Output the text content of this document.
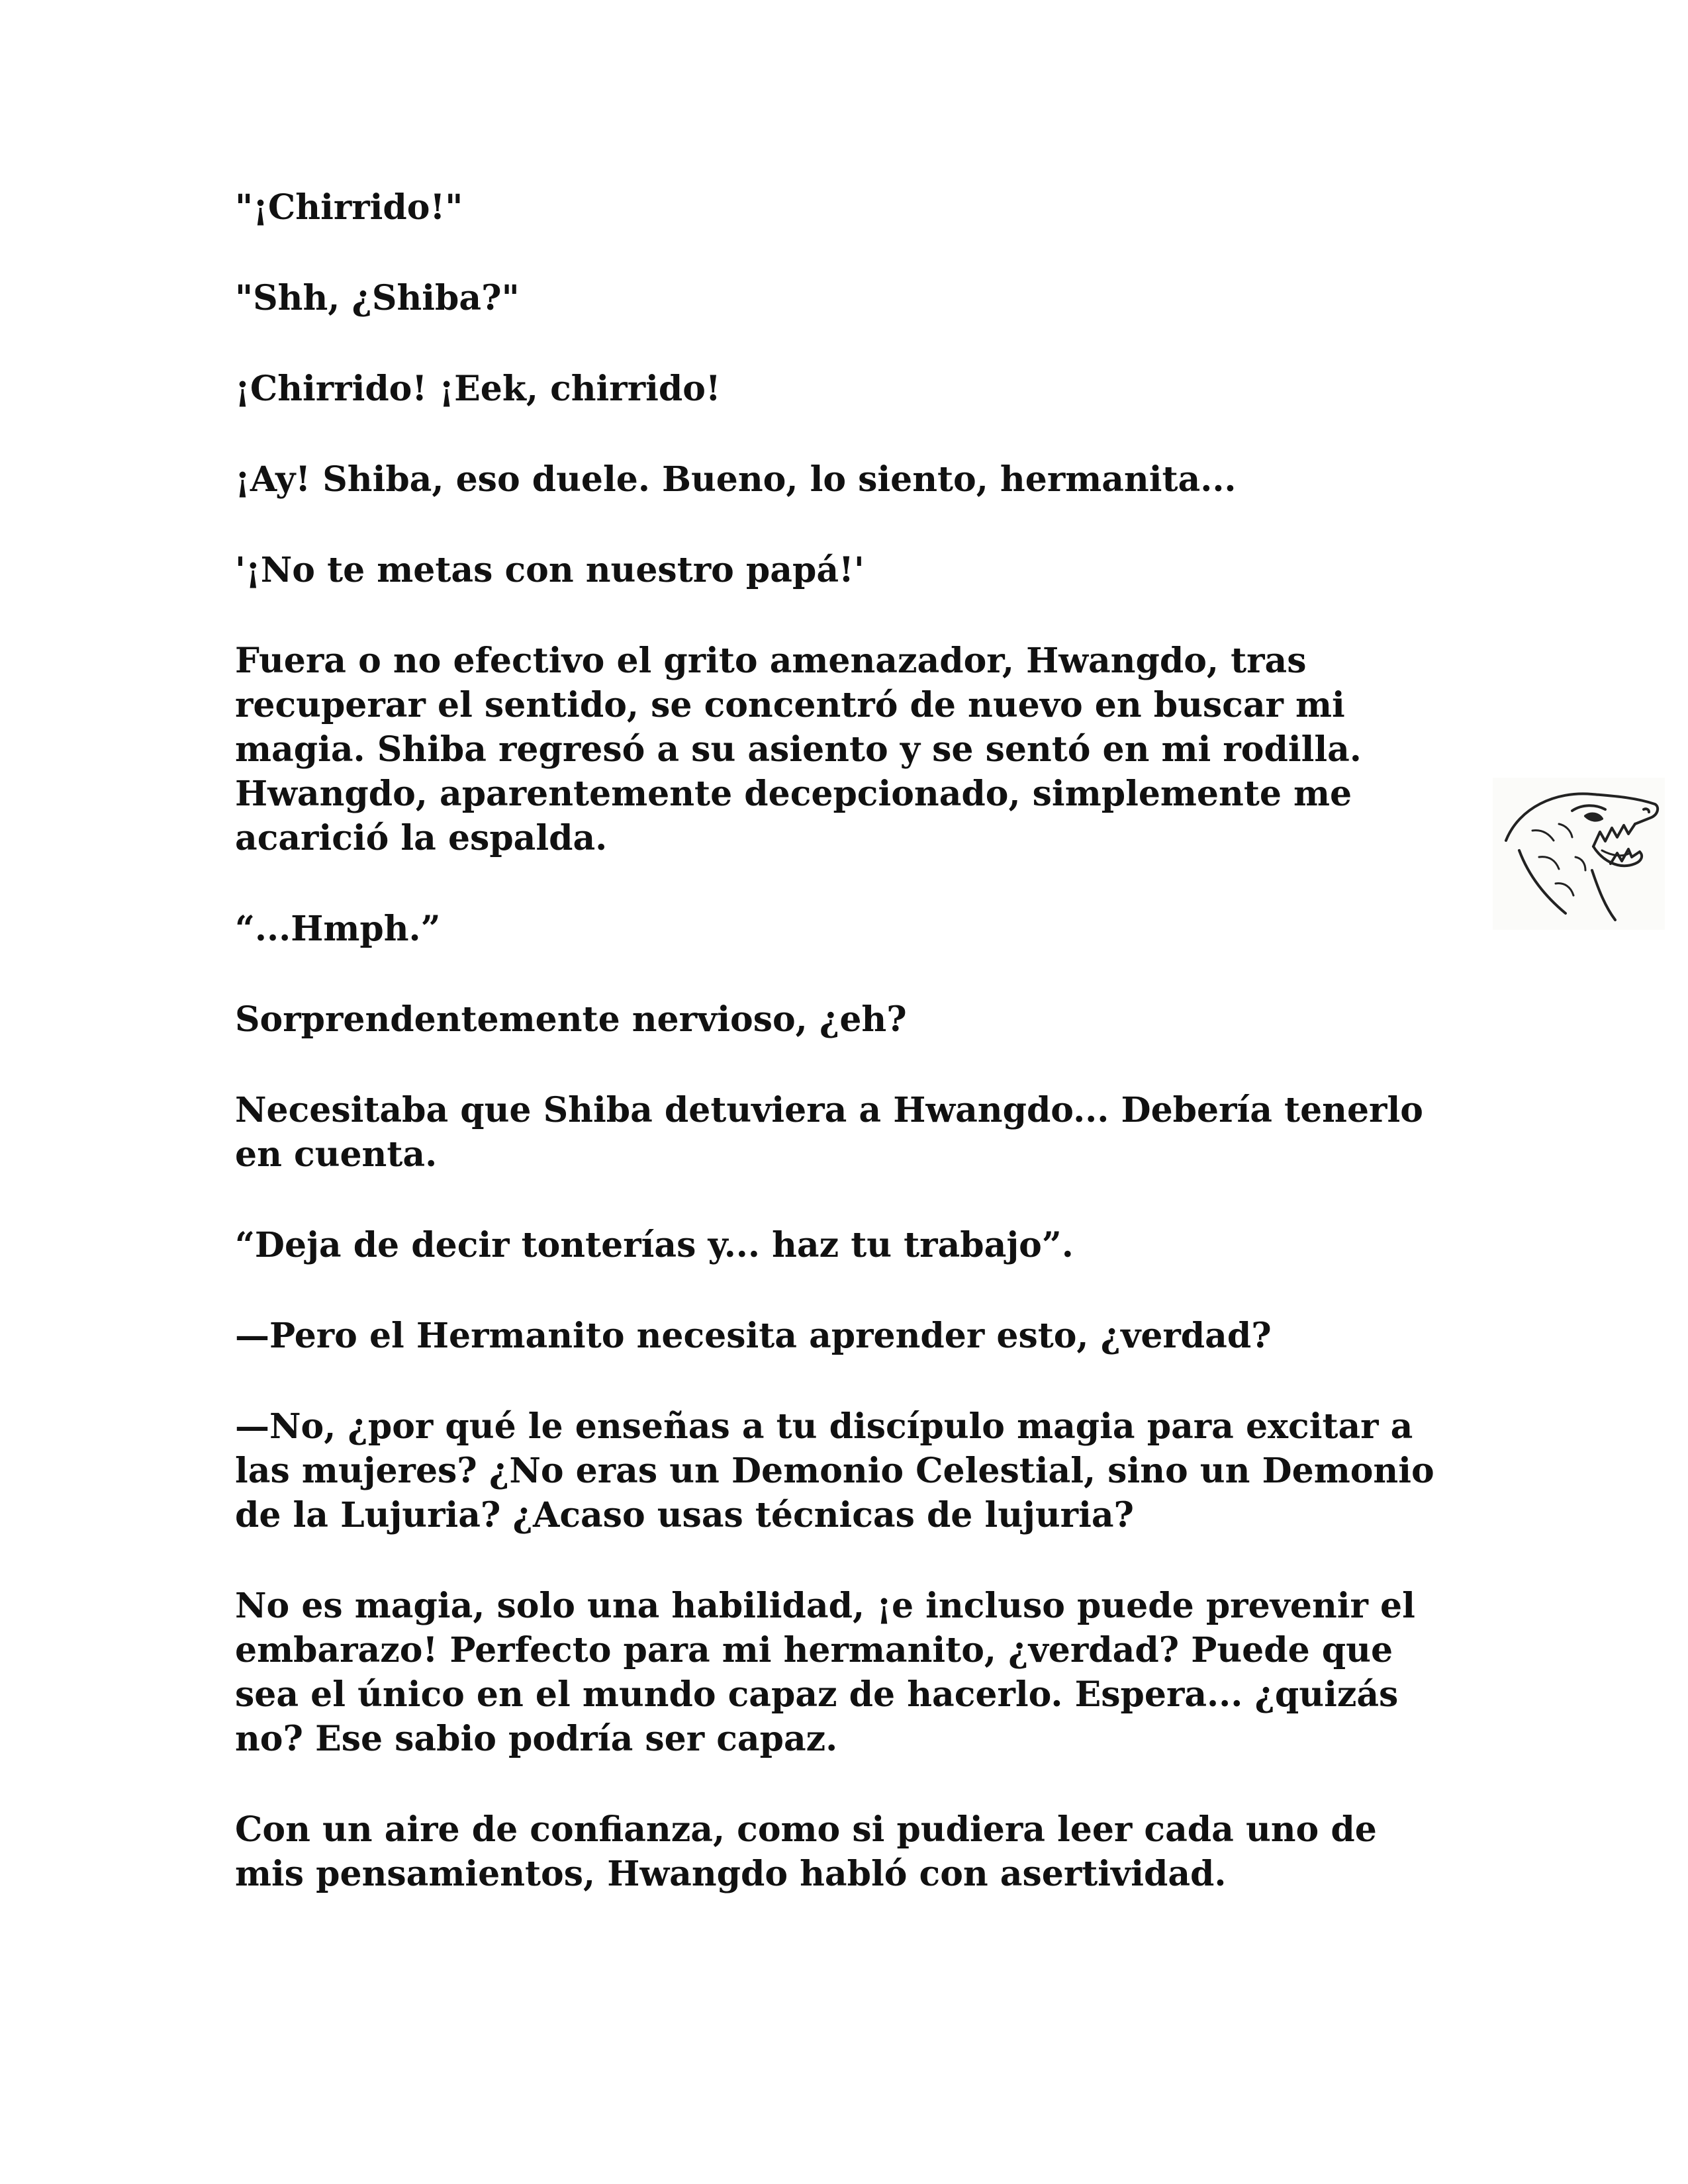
"¡Chirrido!"

"Shh, ¿Shiba?"

¡Chirrido! ¡Eek, chirrido!

¡Ay! Shiba, eso duele. Bueno, lo siento, hermanita...

'¡No te metas con nuestro papá!'

Fuera o no efectivo el grito amenazador, Hwangdo, tras
recuperar el sentido, se concentró de nuevo en buscar mi
magia. Shiba regresó a su asiento y se sentó en mi rodilla.
Hwangdo, aparentemente decepcionado, simplemente me
acarició la espalda.

“...Hmph.”

Sorprendentemente nervioso, ¿eh?

Necesitaba que Shiba detuviera a Hwangdo... Debería tenerlo
en cuenta.

“Deja de decir tonterías y... haz tu trabajo”.

—Pero el Hermanito necesita aprender esto, ¿verdad?

—No, ¿por qué le enseñas a tu discípulo magia para excitar a
las mujeres? ¿No eras un Demonio Celestial, sino un Demonio
de la Lujuria? ¿Acaso usas técnicas de lujuria?

No es magia, solo una habilidad, ¡e incluso puede prevenir el
embarazo! Perfecto para mi hermanito, ¿verdad? Puede que
sea el único en el mundo capaz de hacerlo. Espera... ¿quizás
no? Ese sabio podría ser capaz.

Con un aire de confianza, como si pudiera leer cada uno de
mis pensamientos, Hwangdo habló con asertividad.
